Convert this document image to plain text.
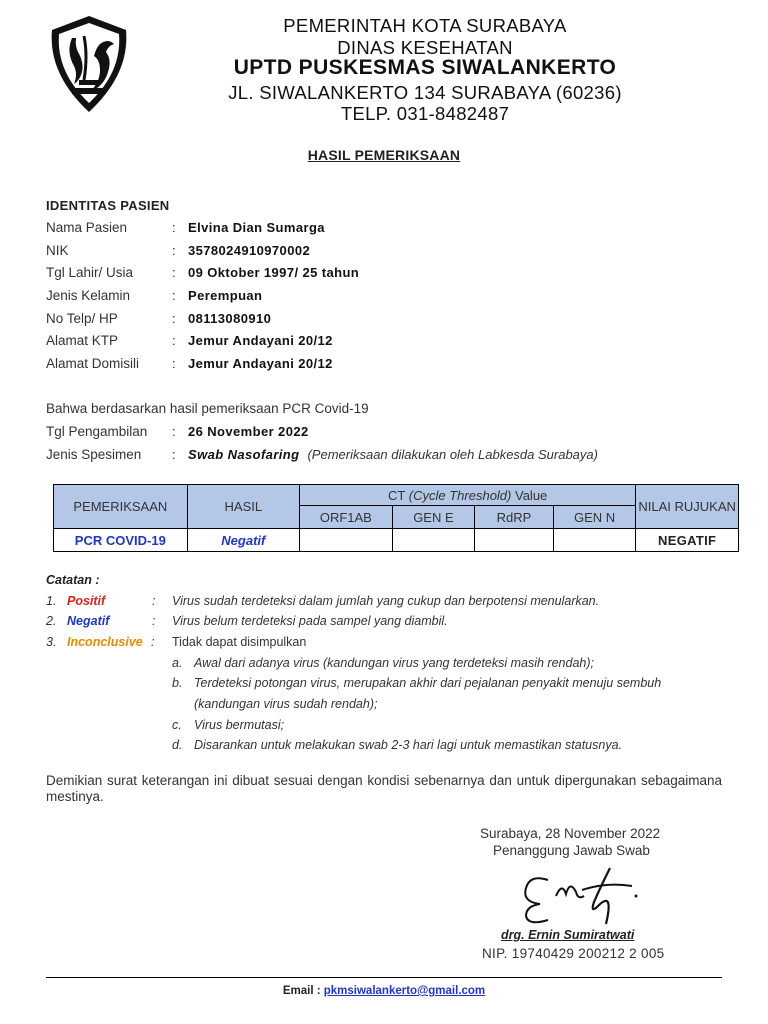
PEMERINTAH KOTA SURABAYA
DINAS KESEHATAN
UPTD PUSKESMAS SIWALANKERTO
JL. SIWALANKERTO 134 SURABAYA (60236)
TELP. 031-8482487
HASIL PEMERIKSAAN
IDENTITAS PASIEN
Nama Pasien	: Elvina Dian Sumarga
NIK	: 3578024910970002
Tgl Lahir/ Usia	: 09 Oktober 1997/ 25 tahun
Jenis Kelamin	: Perempuan
No Telp/ HP	: 08113080910
Alamat KTP	: Jemur Andayani 20/12
Alamat Domisili	: Jemur Andayani 20/12
Bahwa berdasarkan hasil pemeriksaan PCR Covid-19
Tgl Pengambilan : 26 November 2022
Jenis Spesimen : Swab Nasofaring (Pemeriksaan dilakukan oleh Labkesda Surabaya)
PEMERIKSAAN	HASIL	CT (Cycle Threshold) Value				NILAI RUJUKAN
		ORF1AB	GEN E	RdRP	GEN N	
PCR COVID-19	Negatif					NEGATIF
Catatan :
1. Positif	: Virus sudah terdeteksi dalam jumlah yang cukup dan berpotensi menularkan.
2. Negatif	: Virus belum terdeteksi pada sampel yang diambil.
3. Inconclusive : Tidak dapat disimpulkan
a. Awal dari adanya virus (kandungan virus yang terdeteksi masih rendah);
b. Terdeteksi potongan virus, merupakan akhir dari pejalanan penyakit menuju sembuh
(kandungan virus sudah rendah);
c. Virus bermutasi;
d. Disarankan untuk melakukan swab 2-3 hari lagi untuk memastikan statusnya.
Demikian surat keterangan ini dibuat sesuai dengan kondisi sebenarnya dan untuk dipergunakan sebagaimana mestinya.
Surabaya, 28 November 2022
Penanggung Jawab Swab
drg. Ernin Sumiratwati
NIP. 19740429 200212 2 005
Email : pkmsiwalankerto@gmail.com
